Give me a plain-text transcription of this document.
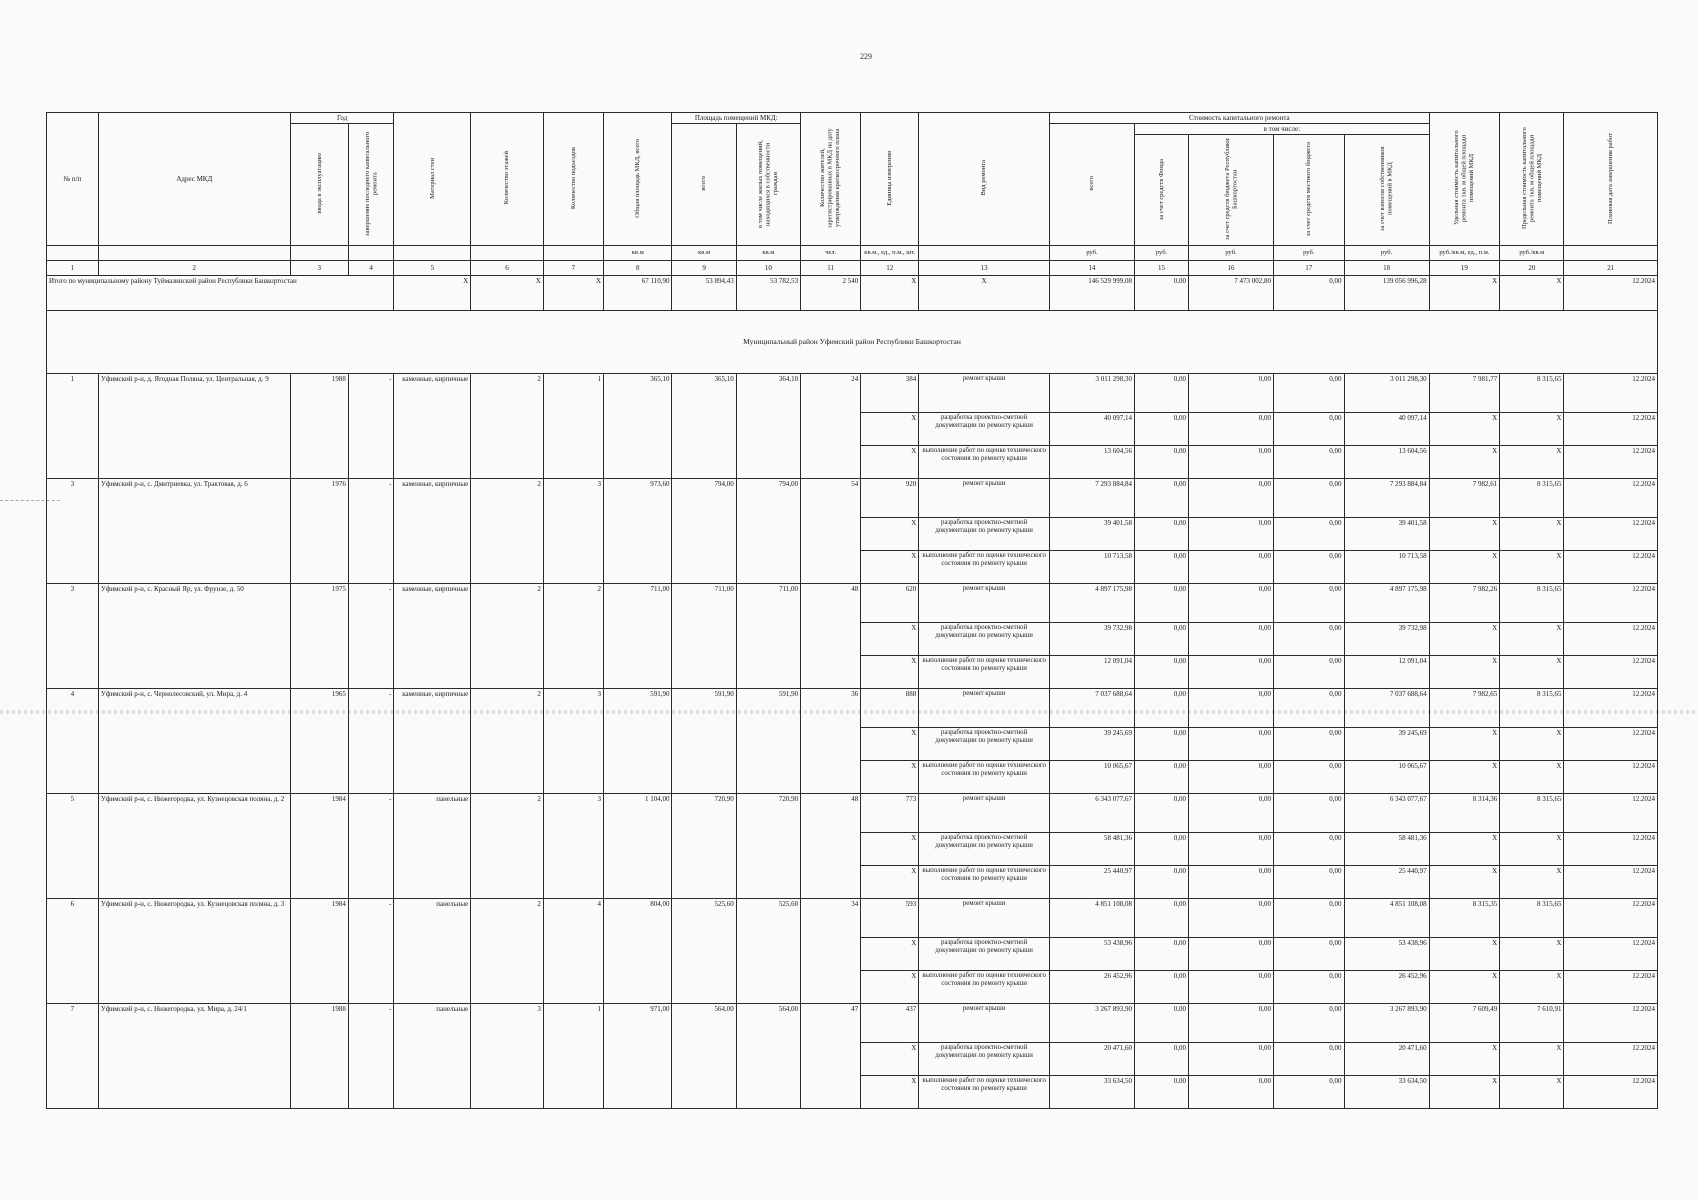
229
№ п/п	Адрес МКД	Год		Материал стен	Количество этажей	Количество подъездов	Общая площадь МКД, всего	Площадь помещений МКД:		Количество жителей, зарегистрированных в МКД на дату утверждения краткосрочного плана	Единица измерения	Вид ремонта	Стоимость капитального ремонта					Удельная стоимость капитального ремонта 1кв. м общей площади помещений МКД	Предельная стоимость капитального ремонта 1кв. м общей площади помещений МКД	Плановая дата завершения работ
		ввода в эксплуатацию	завершение последнего капитального ремонта					всего	в том числе жилых помещений, находящихся в собственности граждан				всего	в том числе:						
														за счет средств Фонда	за счет средств бюджета Республики Башкортостан	за счет средств местного бюджета	за счет взносов собственников помещений в МКД			
							кв.м	кв.м	кв.м	чел.	кв.м., ед., п.м., шт.		руб.	руб.	руб.	руб.	руб.	руб./кв.м, ед., п.м.	руб./кв.м	
1	2	3	4	5	6	7	8	9	10	11	12	13	14	15	16	17	18	19	20	21
Итого по муниципальному району Туймазинский район Республики Башкортостан				X	X	X	67 110,90	53 894,43	53 782,53	2 540	X	X	146 529 999,08	0,00	7 473 002,80	0,00	139 056 996,28	X	X	12.2024
Муниципальный район Уфимский район Республики Башкортостан																				
1	Уфимский р-н, д. Ягодная Поляна, ул. Центральная, д. 9	1988	-	каменные, кирпичные	2	1	365,10	365,10	364,10	24	384	ремонт крыши	3 011 298,30	0,00	0,00	0,00	3 011 298,30	7 981,77	8 315,65	12.2024
											X	разработка проектно-сметной документации по ремонту крыши	40 097,14	0,00	0,00	0,00	40 097,14	X	X	12.2024
											X	выполнение работ по оценке технического состояния по ремонту крыши	13 604,56	0,00	0,00	0,00	13 604,56	X	X	12.2024
3	Уфимский р-н, с. Дмитриевка, ул. Трактовая, д. 6	1976	-	каменные, кирпичные	2	3	973,60	794,00	794,00	54	920	ремонт крыши	7 293 884,84	0,00	0,00	0,00	7 293 884,84	7 982,61	8 315,65	12.2024
											X	разработка проектно-сметной документации по ремонту крыши	39 401,58	0,00	0,00	0,00	39 401,58	X	X	12.2024
											X	выполнение работ по оценке технического состояния по ремонту крыши	10 713,58	0,00	0,00	0,00	10 713,58	X	X	12.2024
3	Уфимский р-н, с. Красный Яр, ул. Фрунзе, д. 50	1975	-	каменные, кирпичные	2	2	711,00	711,00	711,00	48	620	ремонт крыши	4 897 175,98	0,00	0,00	0,00	4 897 175,98	7 982,26	8 315,65	12.2024
											X	разработка проектно-сметной документации по ремонту крыши	39 732,98	0,00	0,00	0,00	39 732,98	X	X	12.2024
											X	выполнение работ по оценке технического состояния по ремонту крыши	12 091,04	0,00	0,00	0,00	12 091,04	X	X	12.2024
4	Уфимский р-н, с. Чернолесовский, ул. Мира, д. 4	1965	-	каменные, кирпичные	2	3	591,90	591,90	591,90	36	888	ремонт крыши	7 037 688,64	0,00	0,00	0,00	7 037 688,64	7 982,65	8 315,65	12.2024
											X	разработка проектно-сметной документации по ремонту крыши	39 245,69	0,00	0,00	0,00	39 245,69	X	X	12.2024
											X	выполнение работ по оценке технического состояния по ремонту крыши	10 065,67	0,00	0,00	0,00	10 065,67	X	X	12.2024
5	Уфимский р-н, с. Нижегородка, ул. Кузнецовская поляна, д. 2	1984	-	панельные	2	3	1 104,00	720,90	720,90	48	773	ремонт крыши	6 343 077,67	0,00	0,00	0,00	6 343 077,67	8 314,36	8 315,65	12.2024
											X	разработка проектно-сметной документации по ремонту крыши	58 481,36	0,00	0,00	0,00	58 481,36	X	X	12.2024
											X	выполнение работ по оценке технического состояния по ремонту крыши	25 440,97	0,00	0,00	0,00	25 440,97	X	X	12.2024
6	Уфимский р-н, с. Нижегородка, ул. Кузнецовская поляна, д. 3	1984	-	панельные	2	4	804,00	525,60	525,60	34	593	ремонт крыши	4 851 108,08	0,00	0,00	0,00	4 851 108,08	8 315,35	8 315,65	12.2024
											X	разработка проектно-сметной документации по ремонту крыши	53 438,96	0,00	0,00	0,00	53 438,96	X	X	12.2024
											X	выполнение работ по оценке технического состояния по ремонту крыши	26 452,96	0,00	0,00	0,00	26 452,96	X	X	12.2024
7	Уфимский р-н, с. Нижегородка, ул. Мира, д. 24/1	1988	-	панельные	3	1	971,00	564,00	564,00	47	437	ремонт крыши	3 267 893,90	0,00	0,00	0,00	3 267 893,90	7 609,49	7 610,91	12.2024
											X	разработка проектно-сметной документации по ремонту крыши	20 471,60	0,00	0,00	0,00	20 471,60	X	X	12.2024
											X	выполнение работ по оценке технического состояния по ремонту крыши	33 634,50	0,00	0,00	0,00	33 634,50	X	X	12.2024
